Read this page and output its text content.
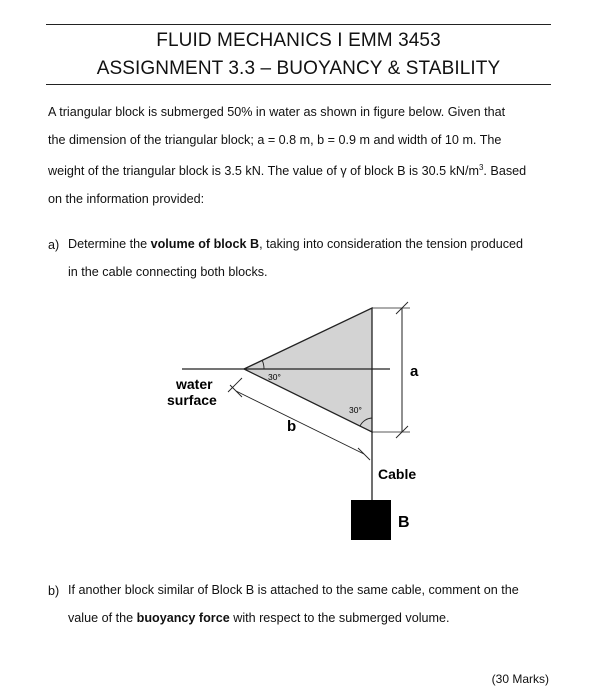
FLUID MECHANICS I EMM 3453
ASSIGNMENT 3.3 – BUOYANCY & STABILITY
A triangular block is submerged 50% in water as shown in figure below. Given that
the dimension of the triangular block; a = 0.8 m, b = 0.9 m and width of 10 m. The
weight of the triangular block is 3.5 kN. The value of γ of block B is 30.5 $kN/m^3$. Based
on the information provided:
a) Determine the volume of block B, taking into consideration the tension produced
in the cable connecting both blocks.
30°
30°
a
b
water
surface
Cable
B
b) If another block similar of Block B is attached to the same cable, comment on the
value of the buoyancy force with respect to the submerged volume.
(30 Marks)
